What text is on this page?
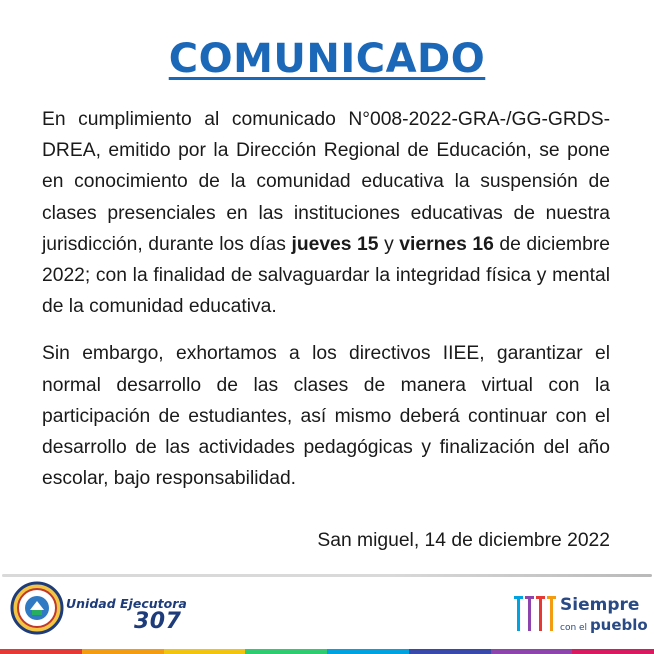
COMUNICADO

En cumplimiento al comunicado N°008-2022-GRA-/GG-GRDS-DREA, emitido por la Dirección Regional de Educación, se pone en conocimiento de la comunidad educativa la suspensión de clases presenciales en las instituciones educativas de nuestra jurisdicción, durante los días jueves 15 y viernes 16 de diciembre 2022; con la finalidad de salvaguardar la integridad física y mental de la comunidad educativa.

Sin embargo, exhortamos a los directivos IIEE, garantizar el normal desarrollo de las clases de manera virtual con la participación de estudiantes, así mismo deberá continuar con el desarrollo de las actividades pedagógicas y finalización del año escolar, bajo responsabilidad.

San miguel, 14 de diciembre 2022
Unidad Ejecutora
307
Siempre
con el pueblo
